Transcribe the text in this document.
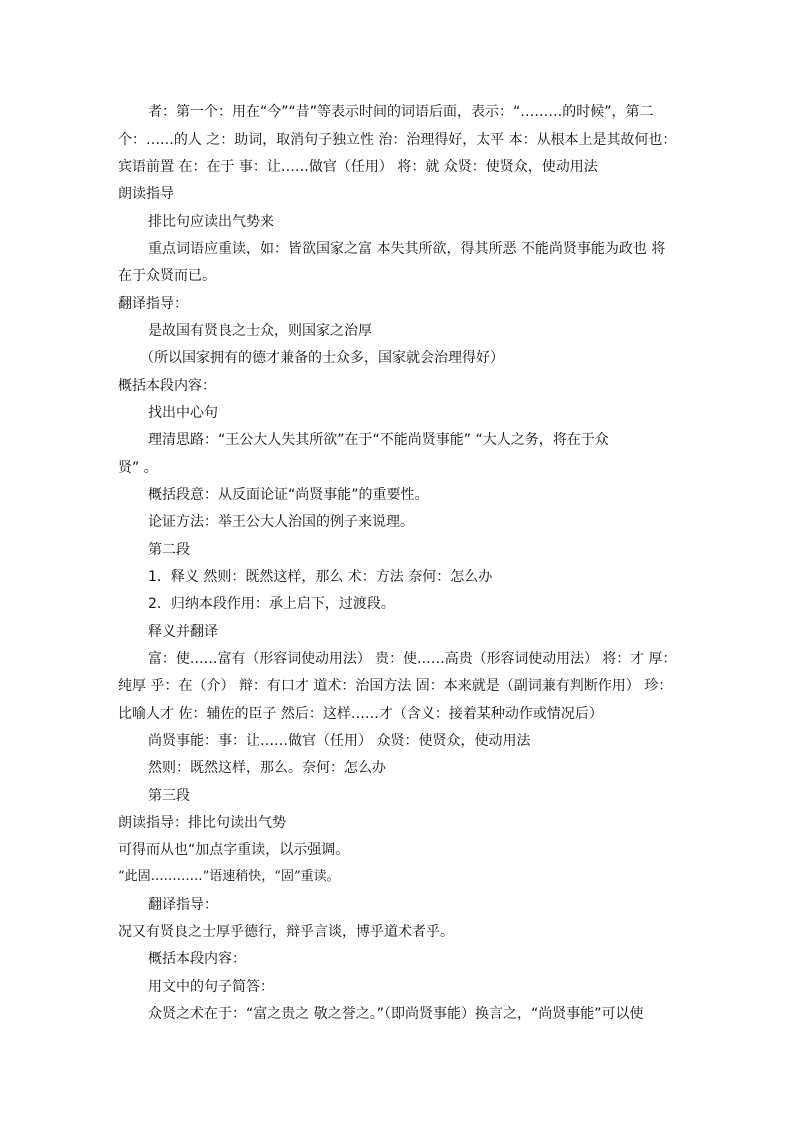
者：第一个：用在“今”“昔”等表示时间的词语后面，表示：“………的时候”，第二
个：……的人 之：助词，取消句子独立性 治：治理得好，太平 本：从根本上是其故何也：
宾语前置 在：在于 事：让……做官（任用） 将：就 众贤：使贤众，使动用法
朗读指导
排比句应读出气势来
重点词语应重读，如：皆欲国家之富 本失其所欲，得其所恶 不能尚贤事能为政也 将
在于众贤而已。
翻译指导：
是故国有贤良之士众，则国家之治厚
（所以国家拥有的德才兼备的士众多，国家就会治理得好）
概括本段内容：
找出中心句
理清思路：“王公大人失其所欲”在于“不能尚贤事能” “大人之务，将在于众
贤” 。
概括段意：从反面论证“尚贤事能”的重要性。
论证方法：举王公大人治国的例子来说理。
第二段
1．释义 然则：既然这样，那么 术：方法 奈何：怎么办
2．归纳本段作用：承上启下，过渡段。
释义并翻译
富：使……富有（形容词使动用法） 贵：使……高贵（形容词使动用法） 将：才 厚：
纯厚 乎：在（介） 辩：有口才 道术：治国方法 固：本来就是（副词兼有判断作用） 珍：
比喻人才 佐：辅佐的臣子 然后：这样……才（含义：接着某种动作或情况后）
尚贤事能：事：让……做官（任用） 众贤：使贤众，使动用法
然则：既然这样，那么。奈何：怎么办
第三段
朗读指导：排比句读出气势
可得而从也“加点字重读，以示强调。
“此固…………”语速稍快，“固”重读。
翻译指导：
况又有贤良之士厚乎德行，辩乎言谈，博乎道术者乎。
概括本段内容：
用文中的句子简答：
众贤之术在于：“富之贵之 敬之誉之。”（即尚贤事能）换言之，“尚贤事能”可以使
